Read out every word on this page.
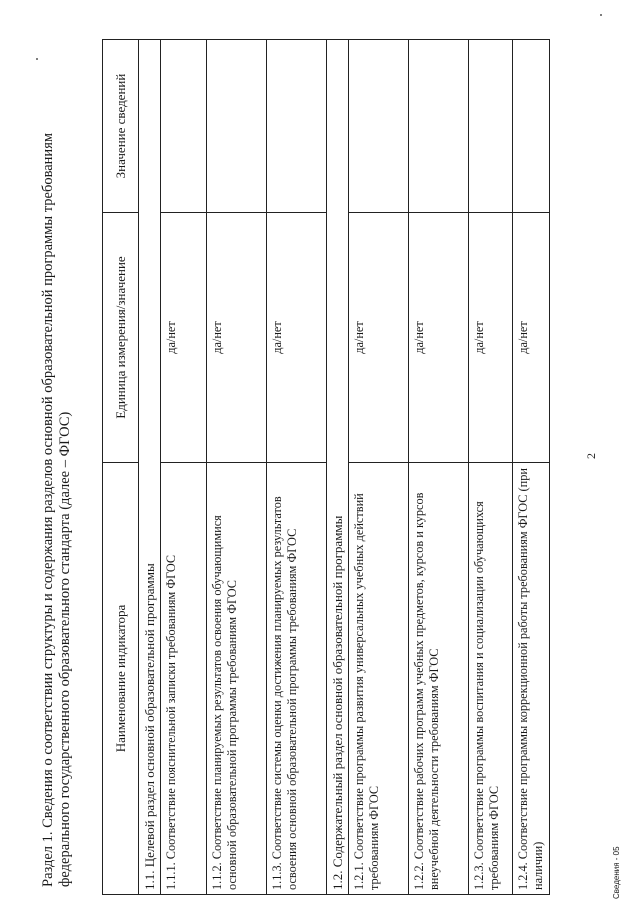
2
Раздел 1. Сведения о соответствии структуры и содержания разделов основной образовательной программы требованиям федерального государственного образовательного стандарта (далее – ФГОС)	Наименование индикатора	Единица измерения/значение	Значение сведений
1.1. Целевой раздел основной образовательной программы		
1.1.1. Соответствие пояснительной записки требованиям ФГОС	да/нет	
1.1.2. Соответствие планируемых результатов освоения обучающимися основной образовательной программы требованиям ФГОС	да/нет	
1.1.3. Соответствие системы оценки достижения планируемых результатов освоения основной образовательной программы требованиям ФГОС	да/нет	
1.2. Содержательный раздел основной образовательной программы		
1.2.1. Соответствие программы развития универсальных учебных действий требованиям ФГОС	да/нет	
1.2.2. Соответствие рабочих программ учебных предметов, курсов и курсов внеучебной деятельности требованиям ФГОС	да/нет	
1.2.3. Соответствие программы воспитания и социализации обучающихся требованиям ФГОС	да/нет	
1.2.4. Соответствие программы коррекционной работы требованиям ФГОС (при наличии)	да/нет	
Сведения - 05
